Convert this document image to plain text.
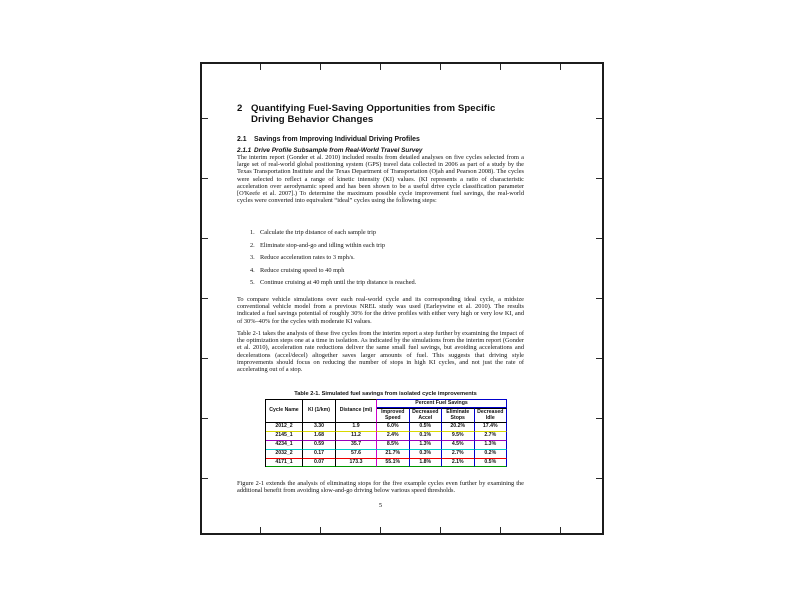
2 Quantifying Fuel-Saving Opportunities from Specific Driving Behavior Changes
2.1	Savings from Improving Individual Driving Profiles
2.1.1 Drive Profile Subsample from Real-World Travel Survey
The interim report (Gonder et al. 2010) included results from detailed analyses on five cycles selected from a large set of real-world global positioning system (GPS) travel data collected in 2006 as part of a study by the Texas Transportation Institute and the Texas Department of Transportation (Ojah and Pearson 2008). The cycles were selected to reflect a range of kinetic intensity (KI) values. (KI represents a ratio of characteristic acceleration over aerodynamic speed and has been shown to be a useful drive cycle classification parameter [O'Keefe et al. 2007].) To determine the maximum possible cycle improvement fuel savings, the real-world cycles were converted into equivalent “ideal” cycles using the following steps:
1. Calculate the trip distance of each sample trip
2. Eliminate stop-and-go and idling within each trip
3. Reduce acceleration rates to 3 mph/s.
4. Reduce cruising speed to 40 mph
5. Continue cruising at 40 mph until the trip distance is reached.
To compare vehicle simulations over each real-world cycle and its corresponding ideal cycle, a midsize conventional vehicle model from a previous NREL study was used (Earleywine et al. 2010). The results indicated a fuel savings potential of roughly 30% for the drive profiles with either very high or very low KI, and of 30%–40% for the cycles with moderate KI values.
Table 2-1 takes the analysis of these five cycles from the interim report a step further by examining the impact of the optimization steps one at a time in isolation. As indicated by the simulations from the interim report (Gonder et al. 2010), acceleration rate reductions deliver the same small fuel savings, but avoiding accelerations and decelerations (accel/decel) altogether saves larger amounts of fuel. This suggests that driving style improvements should focus on reducing the number of stops in high KI cycles, and not just the rate of accelerating out of a stop.
Table 2-1. Simulated fuel savings from isolated cycle improvements
Cycle Name	KI (1/km)	Distance (mi)	Percent Fuel Savings			
			Improved Speed	Decreased Accel	Eliminate Stops	Decreased Idle
2012_2	3.30	1.9	6.0%	0.5%	20.2%	17.4%
2145_1	1.68	11.2	2.4%	0.1%	9.5%	2.7%
4234_1	0.59	35.7	8.5%	1.3%	4.5%	1.3%
2032_2	0.17	57.6	21.7%	0.3%	2.7%	0.2%
4171_1	0.07	173.3	55.1%	1.8%	2.1%	0.5%
Figure 2-1 extends the analysis of eliminating stops for the five example cycles even further by examining the additional benefit from avoiding slow-and-go driving below various speed thresholds.
5
